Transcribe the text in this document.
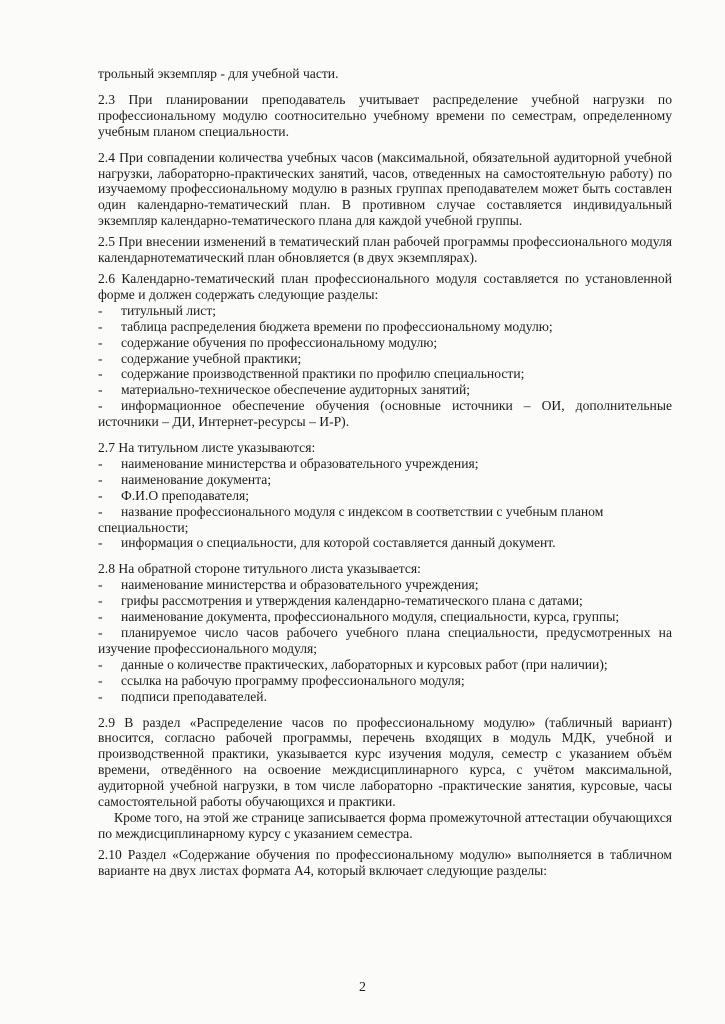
трольный экземпляр - для учебной части.

2.3 При планировании преподаватель учитывает распределение учебной нагрузки по профессиональному модулю соотносительно учебному времени по семестрам, определенному учебным планом специальности.

2.4 При совпадении количества учебных часов (максимальной, обязательной аудиторной учебной нагрузки, лабораторно-практических занятий, часов, отведенных на самостоятельную работу) по изучаемому профессиональному модулю в разных группах преподавателем может быть составлен один календарно-тематический план. В противном случае составляется индивидуальный экземпляр календарно-тематического плана для каждой учебной группы.

2.5 При внесении изменений в тематический план рабочей программы профессионального модуля календарнотематический план обновляется (в двух экземплярах).

2.6 Календарно-тематический план профессионального модуля составляется по установленной форме и должен содержать следующие разделы:

-	титульный лист;
-	таблица распределения бюджета времени по профессиональному модулю;
-	содержание обучения по профессиональному модулю;
-	содержание учебной практики;
-	содержание производственной практики по профилю специальности;
-	материально-техническое обеспечение аудиторных занятий;

- информационное обеспечение обучения (основные источники – ОИ, дополнительные источники – ДИ, Интернет-ресурсы – И-Р).

2.7 На титульном листе указываются:

-	наименование министерства и образовательного учреждения;
-	наименование документа;
-	Ф.И.О преподавателя;

- название профессионального модуля с индексом в соответствии с учебным планом специальности;

-	информация о специальности, для которой составляется данный документ.

2.8 На обратной стороне титульного листа указывается:

-	наименование министерства и образовательного учреждения;
-	грифы рассмотрения и утверждения календарно-тематического плана с датами;
-	наименование документа, профессионального модуля, специальности, курса, группы;

- планируемое число часов рабочего учебного плана специальности, предусмотренных на изучение профессионального модуля;

-	данные о количестве практических, лабораторных и курсовых работ (при наличии);
-	ссылка на рабочую программу профессионального модуля;
-	подписи преподавателей.

2.9 В раздел «Распределение часов по профессиональному модулю» (табличный вариант) вносится, согласно рабочей программы, перечень входящих в модуль МДК, учебной и производственной практики, указывается курс изучения модуля, семестр с указанием объём времени, отведённого на освоение междисциплинарного курса, с учётом максимальной, аудиторной учебной нагрузки, в том числе лабораторно -практические занятия, курсовые, часы самостоятельной работы обучающихся и практики.

Кроме того, на этой же странице записывается форма промежуточной аттестации обучающихся по междисциплинарному курсу с указанием семестра.

2.10 Раздел «Содержание обучения по профессиональному модулю» выполняется в табличном варианте на двух листах формата А4, который включает следующие разделы:

2
